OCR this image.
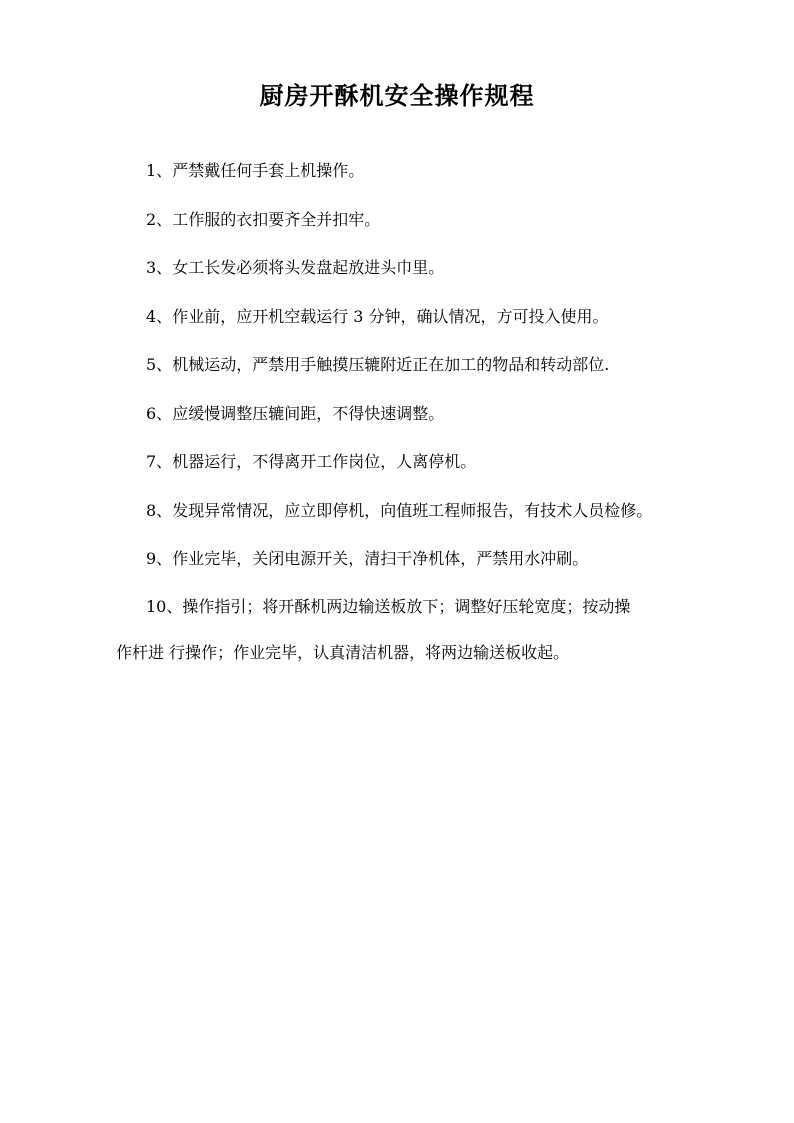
厨房开酥机安全操作规程

1、严禁戴任何手套上机操作。

2、工作服的衣扣要齐全并扣牢。

3、女工长发必须将头发盘起放进头巾里。

4、作业前，应开机空载运行 3 分钟，确认情况，方可投入使用。

5、机械运动，严禁用手触摸压辘附近正在加工的物品和转动部位.

6、应缓慢调整压辘间距，不得快速调整。

7、机器运行，不得离开工作岗位，人离停机。

8、发现异常情况，应立即停机，向值班工程师报告，有技术人员检修。

9、作业完毕，关闭电源开关，清扫干净机体，严禁用水冲刷。

10、操作指引；将开酥机两边输送板放下；调整好压轮宽度；按动操
作杆进 行操作；作业完毕，认真清洁机器，将两边输送板收起。
